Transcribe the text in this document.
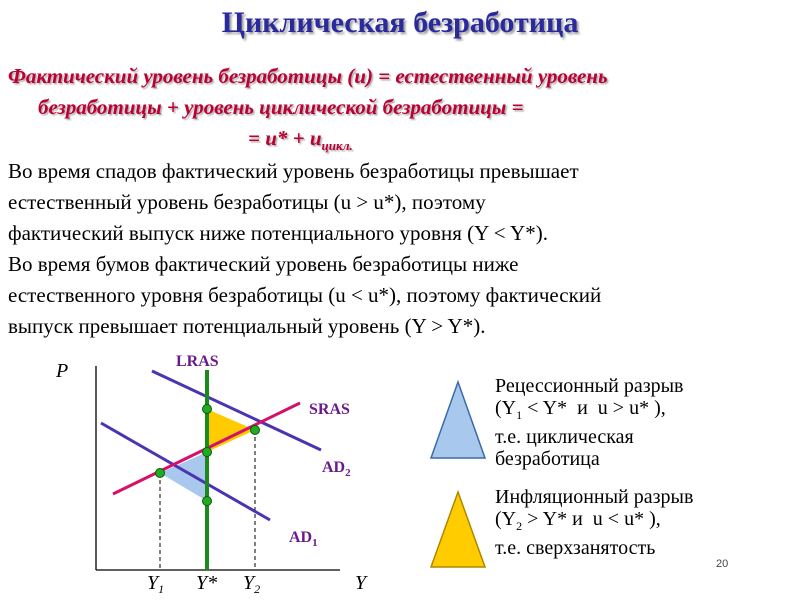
Циклическая безработица
Фактический уровень безработицы (u) = естественный уровень
безработицы + уровень циклической безработицы =
= $u* + u_{цикл.}$
Во время спадов фактический уровень безработицы превышает
естественный уровень безработицы (u > u*), поэтому
фактический выпуск ниже потенциального уровня (Y < Y*).
Во время бумов фактический уровень безработицы ниже
естественного уровня безработицы (u < u*), поэтому фактический
выпуск превышает потенциальный уровень (Y > Y*).
P
Y
LRAS
SRAS
$AD_2$
$AD_1$
$Y_1$ Y* $Y_2$
Рецессионный разрыв
($Y_1 < Y*$  и  u > u* ),
т.е. циклическая
безработица
Инфляционный разрыв
($Y_2 > Y*$ и  u < u* ),
т.е. сверхзанятость
20
